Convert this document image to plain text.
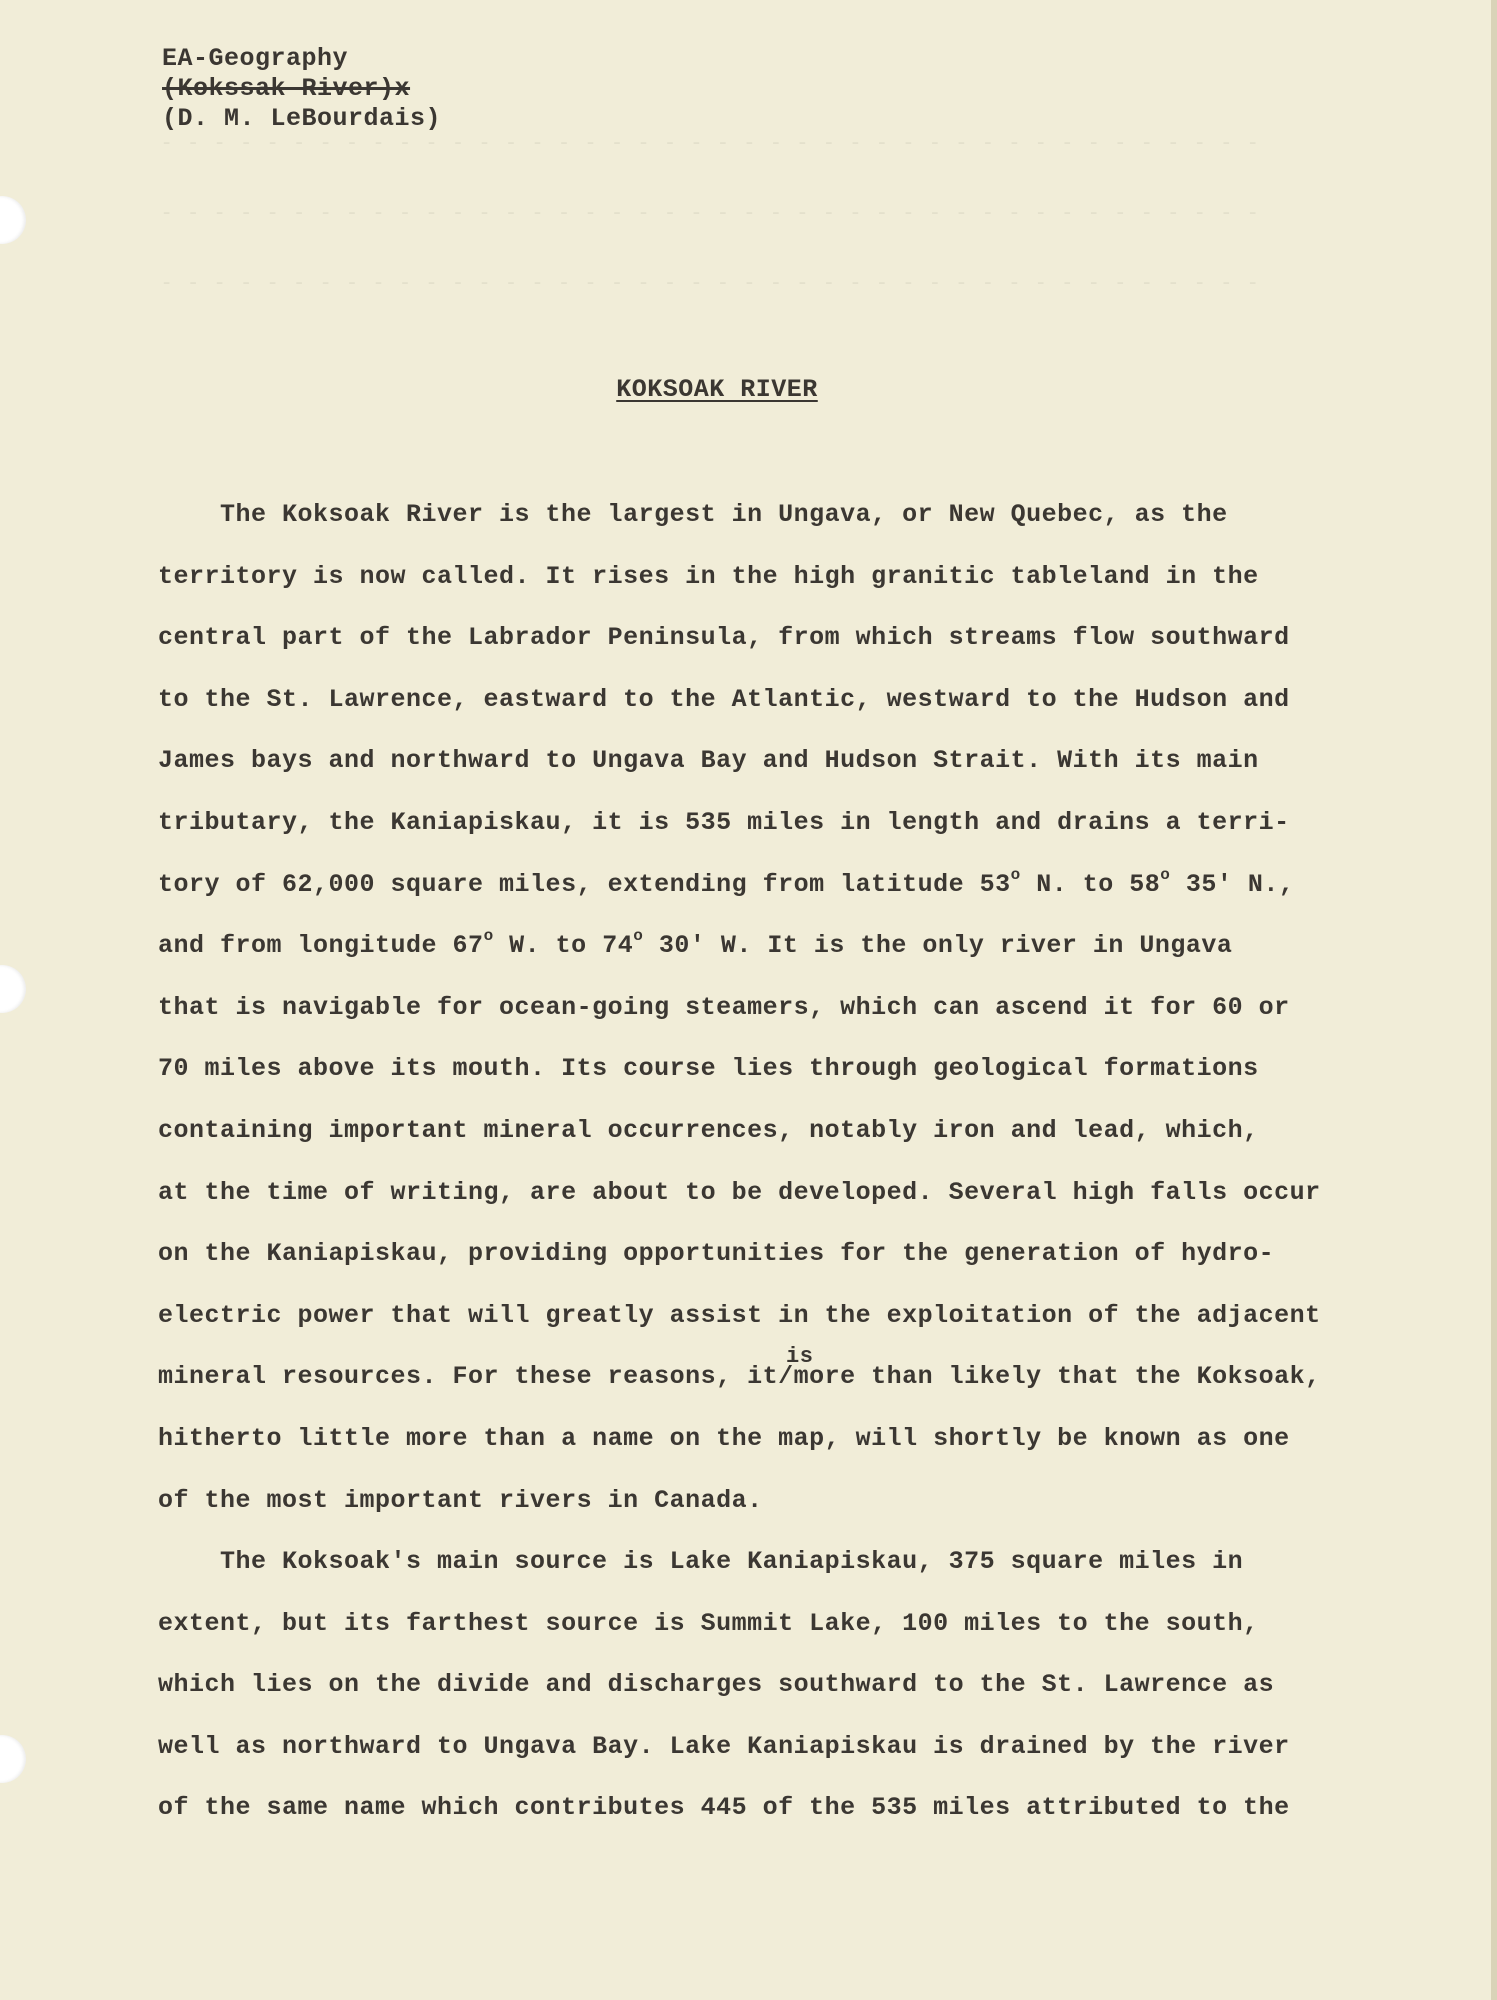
- - - - - - - - - - - - - - - - - - - - - - - - - - - - - - - - - - - - - - - - - -
- - - - - - - - - - - - - - - - - - - - - - - - - - - - - - - - - - - - - - - - - -
- - - - - - - - - - - - - - - - - - - - - - - - - - - - - - - - - - - - - - - - - -
EA-Geography
(Kokssak River)x
(D. M. LeBourdais)
KOKSOAK RIVER
The Koksoak River is the largest in Ungava, or New Quebec, as the
territory is now called. It rises in the high granitic tableland in the
central part of the Labrador Peninsula, from which streams flow southward
to the St. Lawrence, eastward to the Atlantic, westward to the Hudson and
James bays and northward to Ungava Bay and Hudson Strait. With its main
tributary, the Kaniapiskau, it is 535 miles in length and drains a terri-
tory of 62,000 square miles, extending from latitude 53$^o$ N. to 58$^o$ 35' N.,
and from longitude 67$^o$ W. to 74$^o$ 30' W. It is the only river in Ungava
that is navigable for ocean-going steamers, which can ascend it for 60 or
70 miles above its mouth. Its course lies through geological formations
containing important mineral occurrences, notably iron and lead, which,
at the time of writing, are about to be developed. Several high falls occur
on the Kaniapiskau, providing opportunities for the generation of hydro-
electric power that will greatly assist in the exploitation of the adjacent
is
mineral resources. For these reasons, it/more than likely that the Koksoak,
hitherto little more than a name on the map, will shortly be known as one
of the most important rivers in Canada.
The Koksoak's main source is Lake Kaniapiskau, 375 square miles in
extent, but its farthest source is Summit Lake, 100 miles to the south,
which lies on the divide and discharges southward to the St. Lawrence as
well as northward to Ungava Bay. Lake Kaniapiskau is drained by the river
of the same name which contributes 445 of the 535 miles attributed to the
